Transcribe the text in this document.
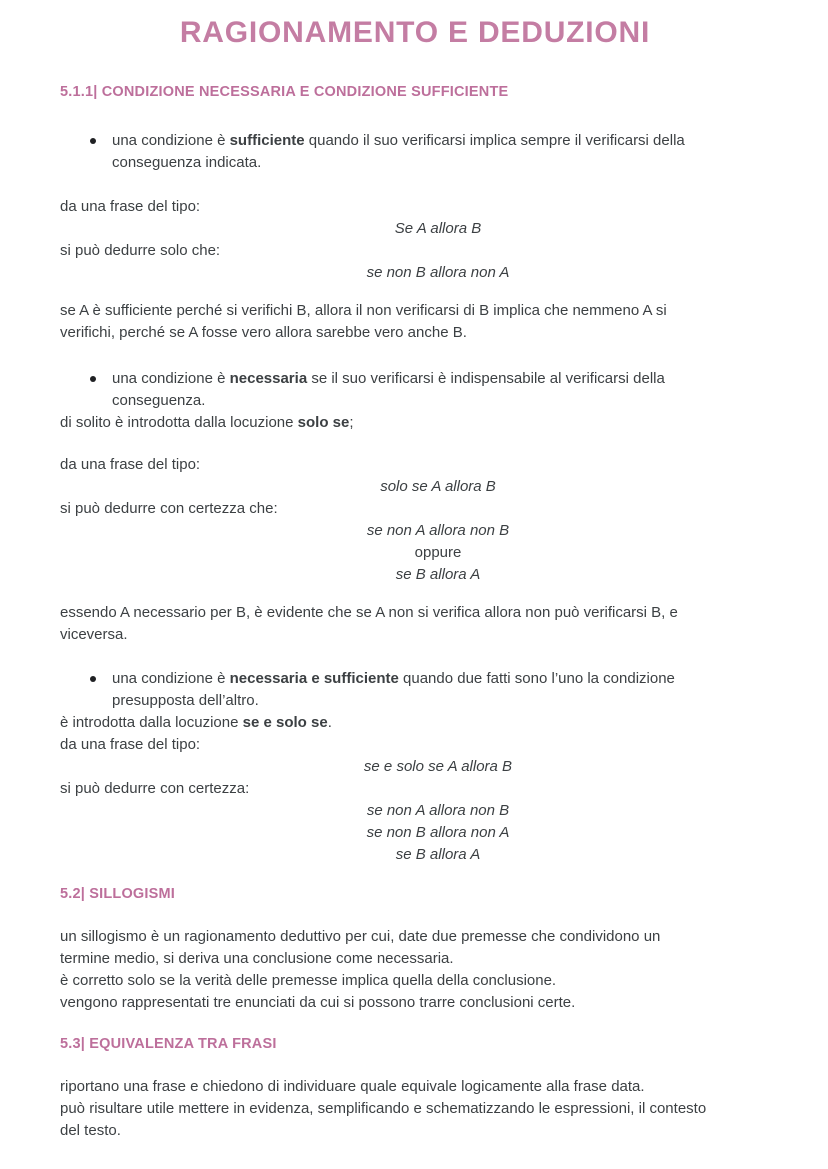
RAGIONAMENTO E DEDUZIONI
5.1.1| CONDIZIONE NECESSARIA E CONDIZIONE SUFFICIENTE
una condizione è sufficiente quando il suo verificarsi implica sempre il verificarsi della
conseguenza indicata.
da una frase del tipo:
Se A allora B
si può dedurre solo che:
se non B allora non A
se A è sufficiente perché si verifichi B, allora il non verificarsi di B implica che nemmeno A si
verifichi, perché se A fosse vero allora sarebbe vero anche B.
una condizione è necessaria se il suo verificarsi è indispensabile al verificarsi della
conseguenza.
di solito è introdotta dalla locuzione solo se;
da una frase del tipo:
solo se A allora B
si può dedurre con certezza che:
se non A allora non B
oppure
se B allora A
essendo A necessario per B, è evidente che se A non si verifica allora non può verificarsi B, e
viceversa.
una condizione è necessaria e sufficiente quando due fatti sono l’uno la condizione
presupposta dell’altro.
è introdotta dalla locuzione se e solo se.
da una frase del tipo:
se e solo se A allora B
si può dedurre con certezza:
se non A allora non B
se non B allora non A
se B allora A
5.2| SILLOGISMI
un sillogismo è un ragionamento deduttivo per cui, date due premesse che condividono un
termine medio, si deriva una conclusione come necessaria.
è corretto solo se la verità delle premesse implica quella della conclusione.
vengono rappresentati tre enunciati da cui si possono trarre conclusioni certe.
5.3| EQUIVALENZA TRA FRASI
riportano una frase e chiedono di individuare quale equivale logicamente alla frase data.
può risultare utile mettere in evidenza, semplificando e schematizzando le espressioni, il contesto
del testo.
